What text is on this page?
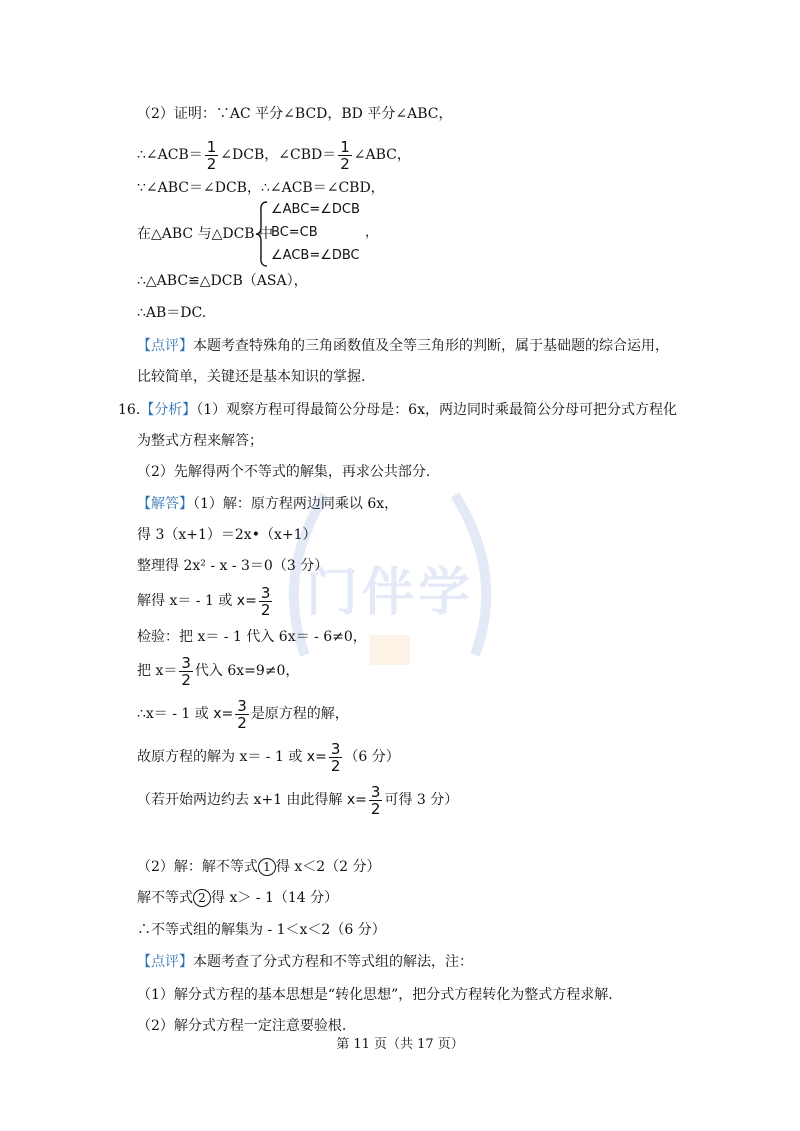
门伴学
（2）证明：∵AC 平分∠BCD，BD 平分∠ABC，
∴∠ACB＝ $\frac{1}{2}$ ∠DCB，∠CBD＝ $\frac{1}{2}$ ∠ABC，
∵∠ABC＝∠DCB，∴∠ACB＝∠CBD，
在△ABC 与△DCB 中
∠ABC=∠DCB
BC=CB
∠ACB=∠DBC
，
∴△ABC≌△DCB（ASA），
∴AB＝DC.
【点评】本题考查特殊角的三角函数值及全等三角形的判断，属于基础题的综合运用，
比较简单，关键还是基本知识的掌握.
16.【分析】（1）观察方程可得最简公分母是：6x，两边同时乘最简公分母可把分式方程化
为整式方程来解答；
（2）先解得两个不等式的解集，再求公共部分.
【解答】（1）解：原方程两边同乘以 6x，
得 3（x+1）＝2x•（x+1）
整理得 2x² - x - 3＝0（3 分）
解得 x＝ - 1 或 $x= \frac{3}{2}$
检验：把 x＝ - 1 代入 6x＝ - 6≠0，
把 $x= \frac{3}{2}$ 代入 6x=9≠0，
∴x＝ - 1 或 $x= \frac{3}{2}$ 是原方程的解，
故原方程的解为 x＝ - 1 或 $x= \frac{3}{2} (6$ 分）
（若开始两边约去 x+1 由此得解 $x= \frac{3}{2}$ 可得 3 分）
（2）解：解不等式 1 得 x＜2（2 分）
解不等式 2 得 x＞ - 1（14 分）
∴不等式组的解集为 - 1＜x＜2（6 分）
【点评】本题考查了分式方程和不等式组的解法，注：
（1）解分式方程的基本思想是“转化思想”，把分式方程转化为整式方程求解.
（2）解分式方程一定注意要验根.
第 11 页（共 17 页）
